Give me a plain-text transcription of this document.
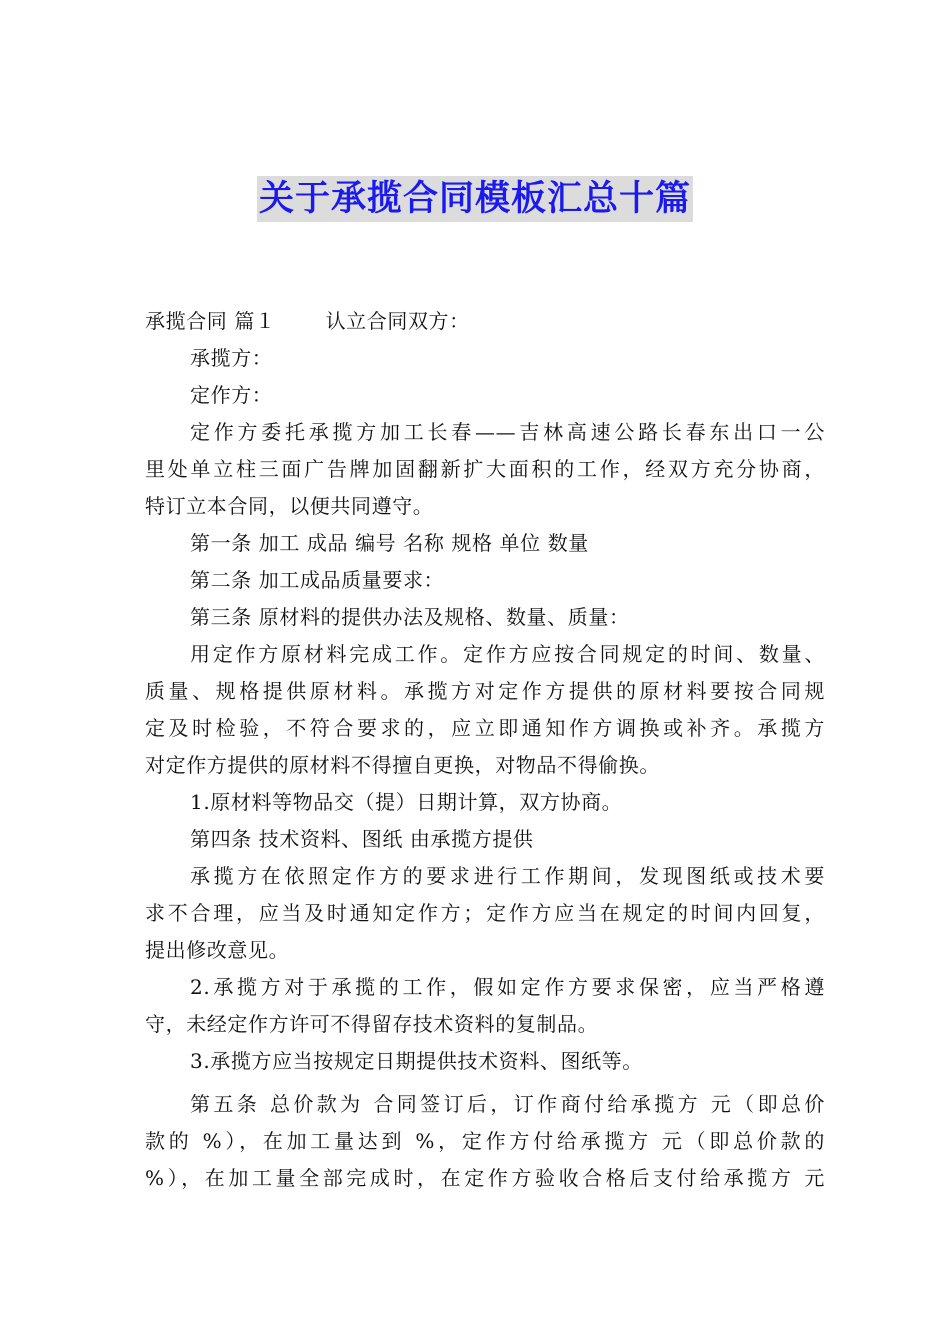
关于承揽合同模板汇总十篇
承揽合同 篇１	认立合同双方：
承揽方：
定作方：
定作方委托承揽方加工长春——吉林高速公路长春东出口一公
里处单立柱三面广告牌加固翻新扩大面积的工作，经双方充分协商，
特订立本合同，以便共同遵守。
第一条 加工 成品 编号 名称 规格 单位 数量
第二条 加工成品质量要求：
第三条 原材料的提供办法及规格、数量、质量：
用定作方原材料完成工作。定作方应按合同规定的时间、数量、
质量、规格提供原材料。承揽方对定作方提供的原材料要按合同规
定及时检验，不符合要求的，应立即通知作方调换或补齐。承揽方
对定作方提供的原材料不得擅自更换，对物品不得偷换。
1.原材料等物品交（提）日期计算，双方协商。
第四条 技术资料、图纸 由承揽方提供
承揽方在依照定作方的要求进行工作期间，发现图纸或技术要
求不合理，应当及时通知定作方；定作方应当在规定的时间内回复，
提出修改意见。
2.承揽方对于承揽的工作，假如定作方要求保密，应当严格遵
守，未经定作方许可不得留存技术资料的复制品。
3.承揽方应当按规定日期提供技术资料、图纸等。
第五条 总价款为 合同签订后，订作商付给承揽方 元（即总价
款的 %），在加工量达到 %，定作方付给承揽方 元（即总价款的
%），在加工量全部完成时，在定作方验收合格后支付给承揽方 元
